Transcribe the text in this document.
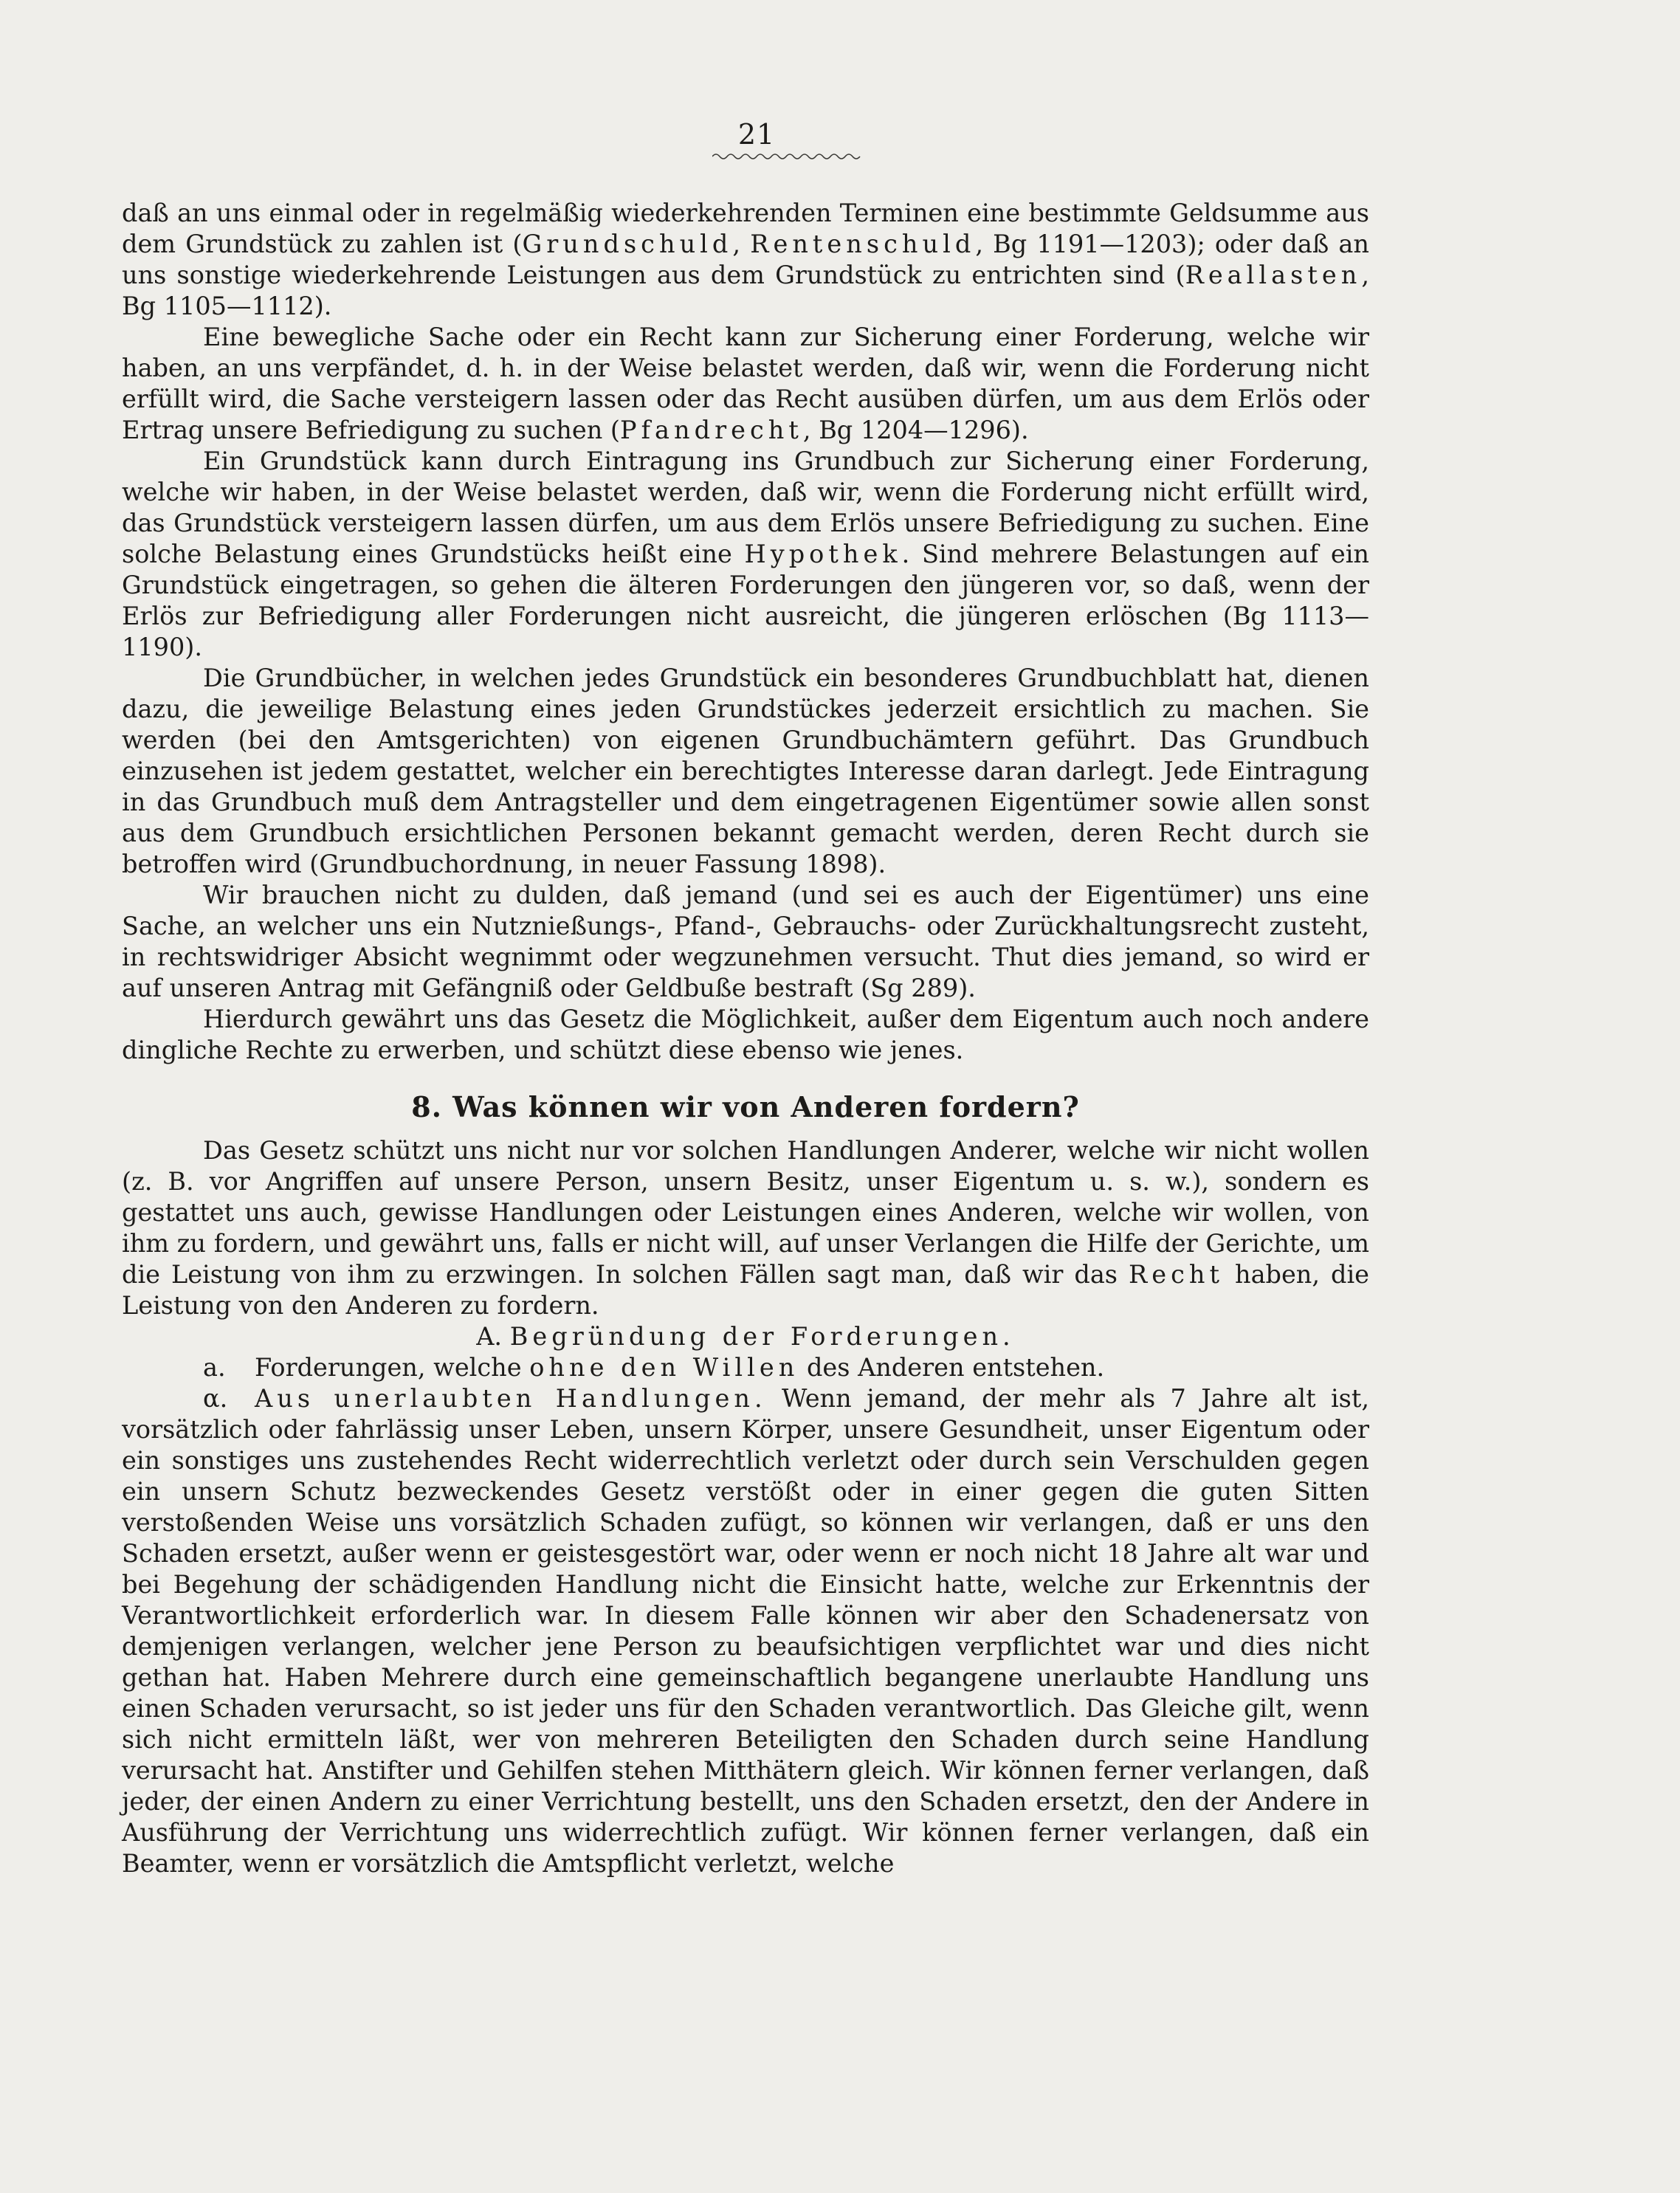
21

daß an uns einmal oder in regelmäßig wiederkehrenden Terminen eine bestimmte Geldsumme aus dem Grundstück zu zahlen ist (Grundschuld, Rentenschuld, Bg 1191—1203); oder daß an uns sonstige wiederkehrende Leistungen aus dem Grundstück zu entrichten sind (Reallasten, Bg 1105—1112).

Eine bewegliche Sache oder ein Recht kann zur Sicherung einer Forderung, welche wir haben, an uns verpfändet, d. h. in der Weise belastet werden, daß wir, wenn die Forderung nicht erfüllt wird, die Sache versteigern lassen oder das Recht ausüben dürfen, um aus dem Erlös oder Ertrag unsere Befriedigung zu suchen (Pfandrecht, Bg 1204—1296).

Ein Grundstück kann durch Eintragung ins Grundbuch zur Sicherung einer Forderung, welche wir haben, in der Weise belastet werden, daß wir, wenn die Forderung nicht erfüllt wird, das Grundstück versteigern lassen dürfen, um aus dem Erlös unsere Befriedigung zu suchen. Eine solche Belastung eines Grundstücks heißt eine Hypothek. Sind mehrere Belastungen auf ein Grundstück eingetragen, so gehen die älteren Forderungen den jüngeren vor, so daß, wenn der Erlös zur Befriedigung aller Forderungen nicht ausreicht, die jüngeren erlöschen (Bg 1113—1190).

Die Grundbücher, in welchen jedes Grundstück ein besonderes Grundbuchblatt hat, dienen dazu, die jeweilige Belastung eines jeden Grundstückes jederzeit ersichtlich zu machen. Sie werden (bei den Amtsgerichten) von eigenen Grundbuchämtern geführt. Das Grundbuch einzusehen ist jedem gestattet, welcher ein berechtigtes Interesse daran darlegt. Jede Eintragung in das Grundbuch muß dem Antragsteller und dem eingetragenen Eigentümer sowie allen sonst aus dem Grundbuch ersichtlichen Personen bekannt gemacht werden, deren Recht durch sie betroffen wird (Grundbuchordnung, in neuer Fassung 1898).

Wir brauchen nicht zu dulden, daß jemand (und sei es auch der Eigentümer) uns eine Sache, an welcher uns ein Nutznießungs-, Pfand-, Gebrauchs- oder Zurückhaltungsrecht zusteht, in rechtswidriger Absicht wegnimmt oder wegzunehmen versucht. Thut dies jemand, so wird er auf unseren Antrag mit Gefängniß oder Geldbuße bestraft (Sg 289).

Hierdurch gewährt uns das Gesetz die Möglichkeit, außer dem Eigentum auch noch andere dingliche Rechte zu erwerben, und schützt diese ebenso wie jenes.

8. Was können wir von Anderen fordern?

Das Gesetz schützt uns nicht nur vor solchen Handlungen Anderer, welche wir nicht wollen (z. B. vor Angriffen auf unsere Person, unsern Besitz, unser Eigentum u. s. w.), sondern es gestattet uns auch, gewisse Handlungen oder Leistungen eines Anderen, welche wir wollen, von ihm zu fordern, und gewährt uns, falls er nicht will, auf unser Verlangen die Hilfe der Gerichte, um die Leistung von ihm zu erzwingen. In solchen Fällen sagt man, daß wir das Recht haben, die Leistung von den Anderen zu fordern.

A. Begründung der Forderungen.

a. Forderungen, welche ohne den Willen des Anderen entstehen.

α. Aus unerlaubten Handlungen. Wenn jemand, der mehr als 7 Jahre alt ist, vorsätzlich oder fahrlässig unser Leben, unsern Körper, unsere Gesundheit, unser Eigentum oder ein sonstiges uns zustehendes Recht widerrechtlich verletzt oder durch sein Verschulden gegen ein unsern Schutz bezweckendes Gesetz verstößt oder in einer gegen die guten Sitten verstoßenden Weise uns vorsätzlich Schaden zufügt, so können wir verlangen, daß er uns den Schaden ersetzt, außer wenn er geistesgestört war, oder wenn er noch nicht 18 Jahre alt war und bei Begehung der schädigenden Handlung nicht die Einsicht hatte, welche zur Erkenntnis der Verantwortlichkeit erforderlich war. In diesem Falle können wir aber den Schadenersatz von demjenigen verlangen, welcher jene Person zu beaufsichtigen verpflichtet war und dies nicht gethan hat. Haben Mehrere durch eine gemeinschaftlich begangene unerlaubte Handlung uns einen Schaden verursacht, so ist jeder uns für den Schaden verantwortlich. Das Gleiche gilt, wenn sich nicht ermitteln läßt, wer von mehreren Beteiligten den Schaden durch seine Handlung verursacht hat. Anstifter und Gehilfen stehen Mitthätern gleich. Wir können ferner verlangen, daß jeder, der einen Andern zu einer Verrichtung bestellt, uns den Schaden ersetzt, den der Andere in Ausführung der Verrichtung uns widerrechtlich zufügt. Wir können ferner verlangen, daß ein Beamter, wenn er vorsätzlich die Amtspflicht verletzt, welche
